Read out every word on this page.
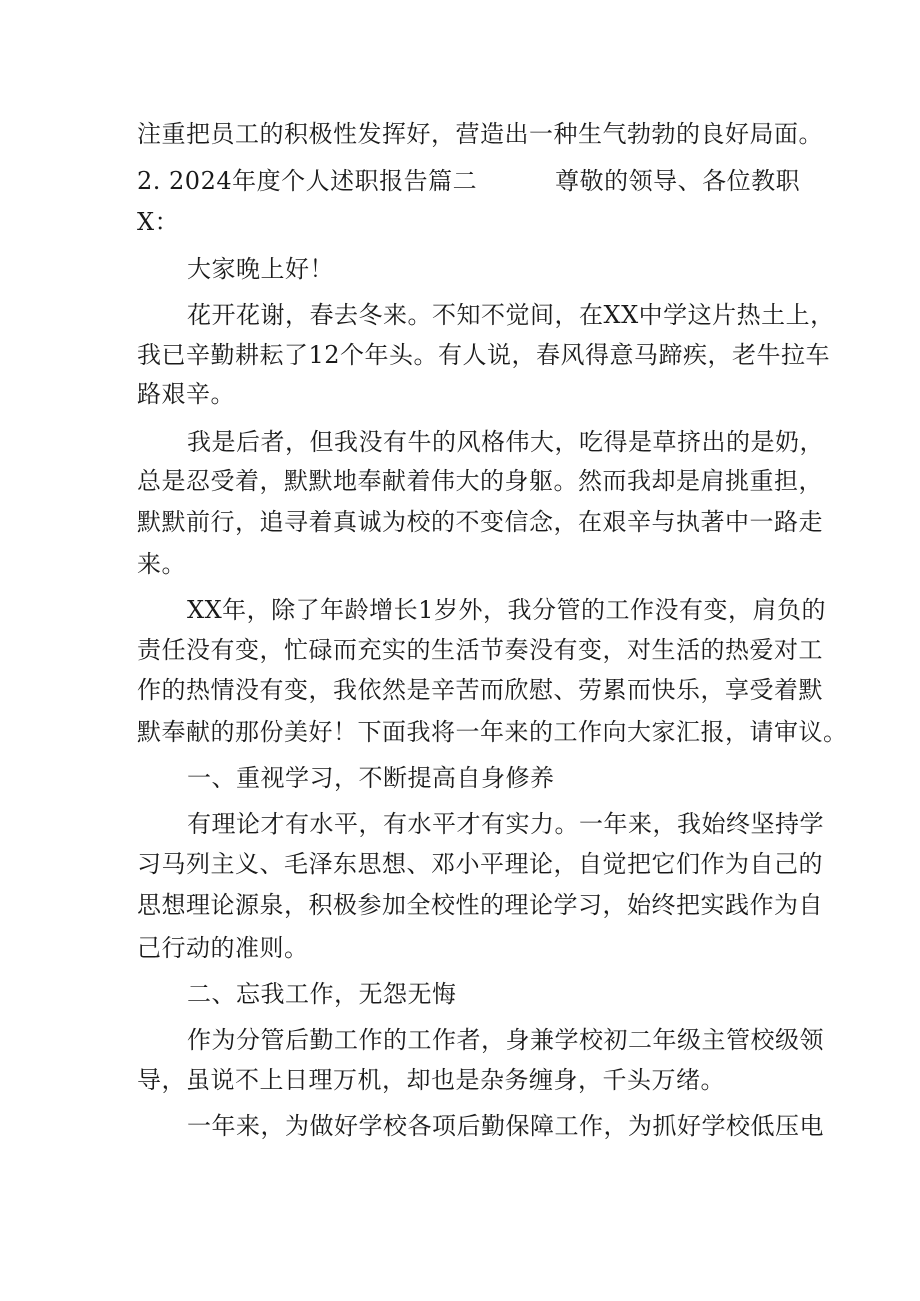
注重把员工的积极性发挥好，营造出一种生气勃勃的良好局面。
2. 2024年度个人述职报告篇二	尊敬的领导、各位教职
X：
大家晚上好！
花开花谢，春去冬来。不知不觉间，在XX中学这片热土上，
我已辛勤耕耘了12个年头。有人说，春风得意马蹄疾，老牛拉车
路艰辛。
我是后者，但我没有牛的风格伟大，吃得是草挤出的是奶，
总是忍受着，默默地奉献着伟大的身躯。然而我却是肩挑重担，
默默前行，追寻着真诚为校的不变信念，在艰辛与执著中一路走
来。
XX年，除了年龄增长1岁外，我分管的工作没有变，肩负的
责任没有变，忙碌而充实的生活节奏没有变，对生活的热爱对工
作的热情没有变，我依然是辛苦而欣慰、劳累而快乐，享受着默
默奉献的那份美好！下面我将一年来的工作向大家汇报，请审议。
一、重视学习，不断提高自身修养
有理论才有水平，有水平才有实力。一年来，我始终坚持学
习马列主义、毛泽东思想、邓小平理论，自觉把它们作为自己的
思想理论源泉，积极参加全校性的理论学习，始终把实践作为自
己行动的准则。
二、忘我工作，无怨无悔
作为分管后勤工作的工作者，身兼学校初二年级主管校级领
导，虽说不上日理万机，却也是杂务缠身，千头万绪。
一年来，为做好学校各项后勤保障工作，为抓好学校低压电
